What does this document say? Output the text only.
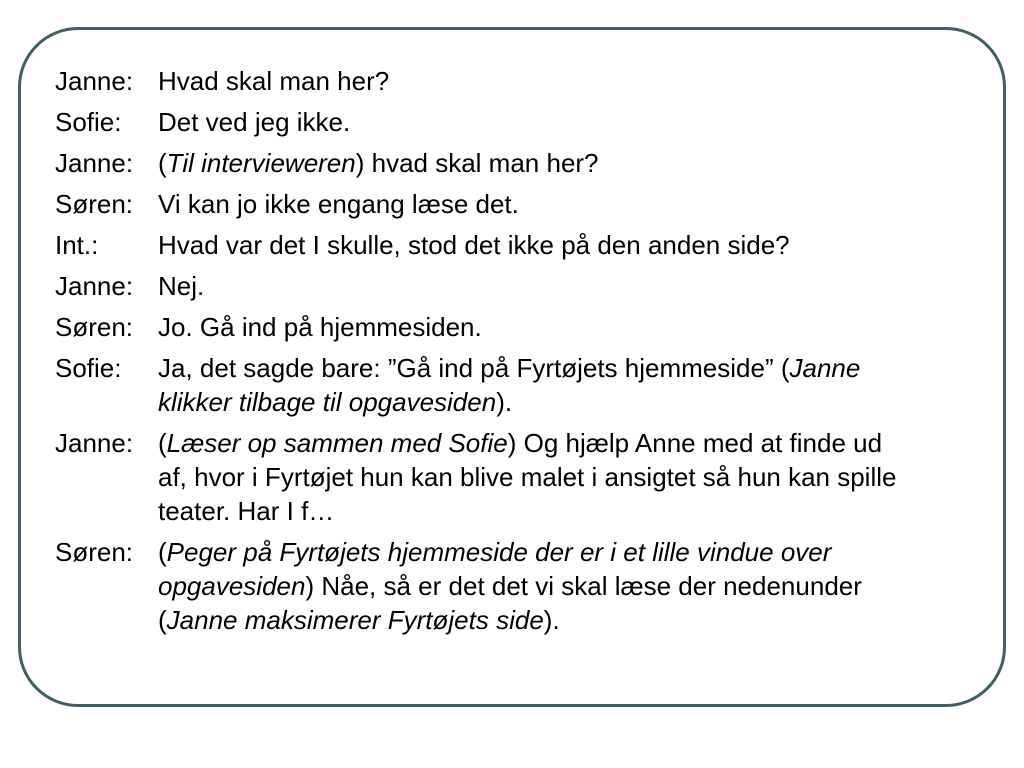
Janne: Hvad skal man her?
Sofie:	Det ved jeg ikke.
Janne: (Til intervieweren) hvad skal man her?
Søren: Vi kan jo ikke engang læse det.
Int.:	Hvad var det I skulle, stod det ikke på den anden side?
Janne: Nej.
Søren: Jo. Gå ind på hjemmesiden.
Sofie:	Ja, det sagde bare: ”Gå ind på Fyrtøjets hjemmeside” (Janne klikker tilbage til opgavesiden).
Janne: (Læser op sammen med Sofie) Og hjælp Anne med at finde ud af, hvor i Fyrtøjet hun kan blive malet i ansigtet så hun kan spille teater. Har I f…
Søren: (Peger på Fyrtøjets hjemmeside der er i et lille vindue over opgavesiden) Nåe, så er det det vi skal læse der nedenunder (Janne maksimerer Fyrtøjets side).
